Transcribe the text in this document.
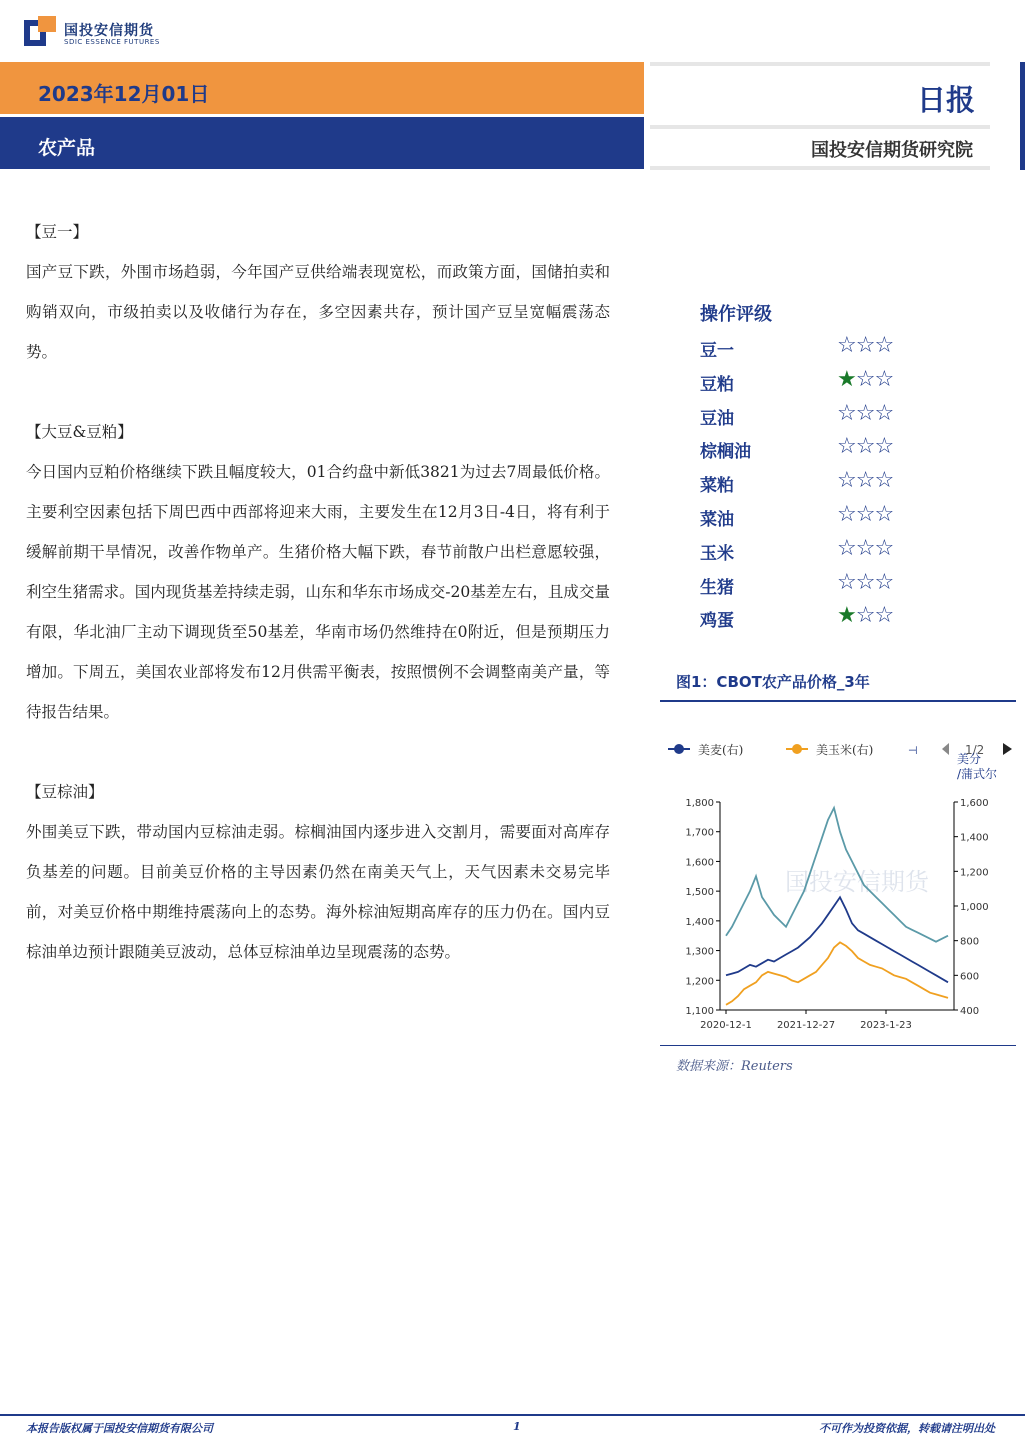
国投安信期货
SDIC ESSENCE FUTURES
2023年12月01日
农产品
日报
国投安信期货研究院
【豆一】

国产豆下跌，外围市场趋弱，今年国产豆供给端表现宽松，而政策方面，国储拍卖和购销双向，市级拍卖以及收储行为存在，多空因素共存，预计国产豆呈宽幅震荡态势。

【大豆&豆粕】

今日国内豆粕价格继续下跌且幅度较大，01合约盘中新低3821为过去7周最低价格。主要利空因素包括下周巴西中西部将迎来大雨，主要发生在12月3日-4日，将有利于缓解前期干旱情况，改善作物单产。生猪价格大幅下跌，春节前散户出栏意愿较强，利空生猪需求。国内现货基差持续走弱，山东和华东市场成交-20基差左右，且成交量有限，华北油厂主动下调现货至50基差，华南市场仍然维持在0附近，但是预期压力增加。下周五，美国农业部将发布12月供需平衡表，按照惯例不会调整南美产量，等待报告结果。

【豆棕油】

外围美豆下跌，带动国内豆棕油走弱。棕榈油国内逐步进入交割月，需要面对高库存负基差的问题。目前美豆价格的主导因素仍然在南美天气上，天气因素未交易完毕前，对美豆价格中期维持震荡向上的态势。海外棕油短期高库存的压力仍在。国内豆棕油单边预计跟随美豆波动，总体豆棕油单边呈现震荡的态势。

操作评级
豆一	☆☆☆
豆粕	★☆☆
豆油	☆☆☆
棕榈油	☆☆☆
菜粕	☆☆☆
菜油	☆☆☆
玉米	☆☆☆
生猪	☆☆☆
鸡蛋	★☆☆
图1：CBOT农产品价格_3年
美麦(右)	美玉米(右)	⊣	1/2
美分
/蒲式尔
1,100
1,200
1,300
1,400
1,500
1,600
1,700
1,800
400
600
800
1,000
1,200
1,400
1,600
国投安信期货
2020-12-1	2021-12-27	2023-1-23
数据来源：Reuters
本报告版权属于国投安信期货有限公司	1	不可作为投资依据，转载请注明出处
